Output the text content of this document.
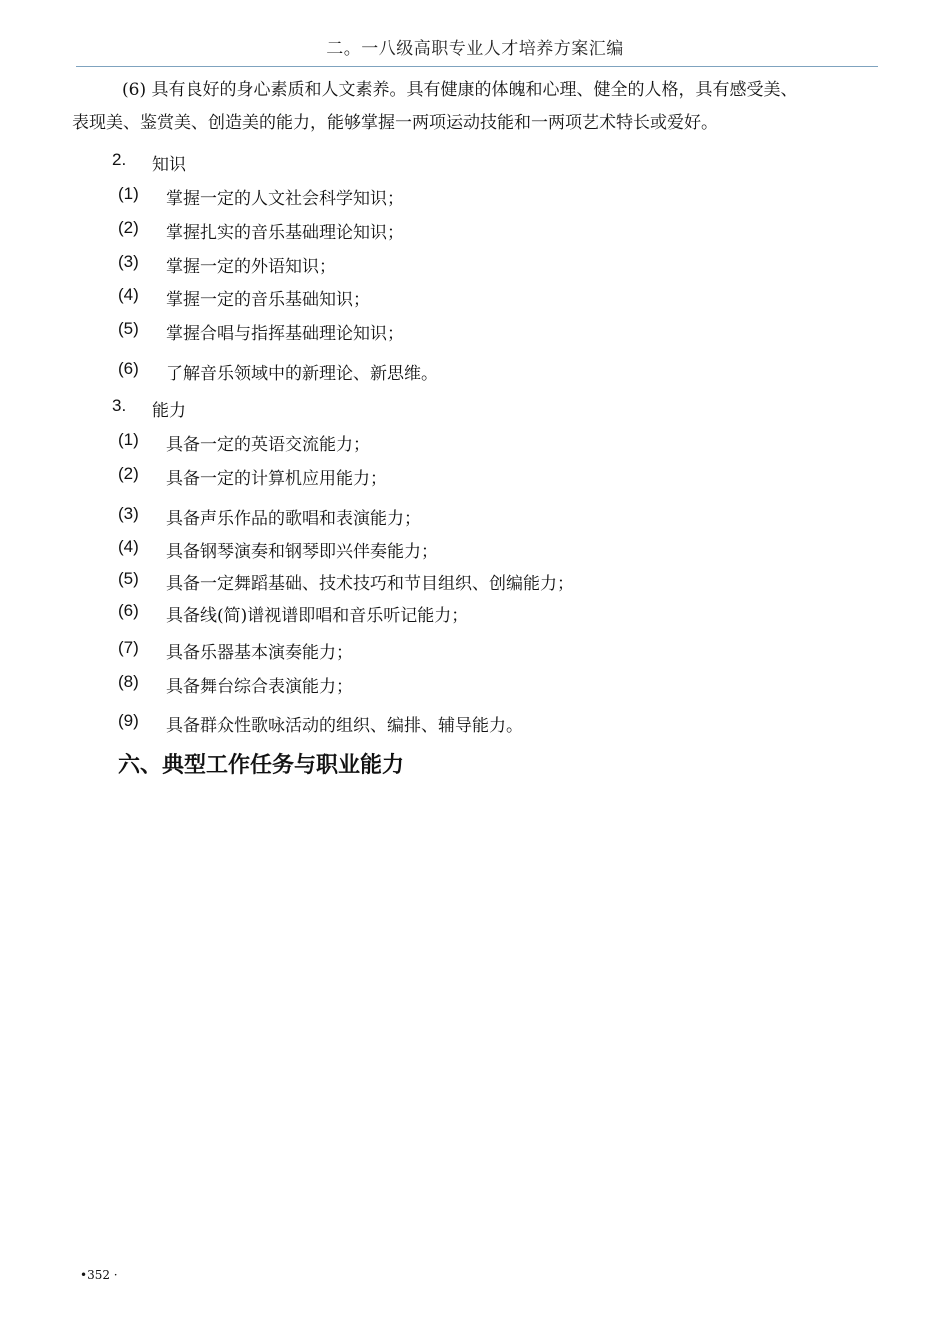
二。一八级高职专业人才培养方案汇编
(6) 具有良好的身心素质和人文素养。具有健康的体魄和心理、健全的人格，具有感受美、
表现美、鉴赏美、创造美的能力，能够掌握一两项运动技能和一两项艺术特长或爱好。
2. 知识
(1) 掌握一定的人文社会科学知识；
(2) 掌握扎实的音乐基础理论知识；
(3) 掌握一定的外语知识；
(4) 掌握一定的音乐基础知识；
(5) 掌握合唱与指挥基础理论知识；
(6) 了解音乐领域中的新理论、新思维。
3. 能力
(1) 具备一定的英语交流能力；
(2) 具备一定的计算机应用能力；
(3) 具备声乐作品的歌唱和表演能力；
(4) 具备钢琴演奏和钢琴即兴伴奏能力；
(5) 具备一定舞蹈基础、技术技巧和节目组织、创编能力；
(6) 具备线(简)谱视谱即唱和音乐听记能力；
(7) 具备乐器基本演奏能力；
(8) 具备舞台综合表演能力；
(9) 具备群众性歌咏活动的组织、编排、辅导能力。
六、典型工作任务与职业能力
•352 ·
